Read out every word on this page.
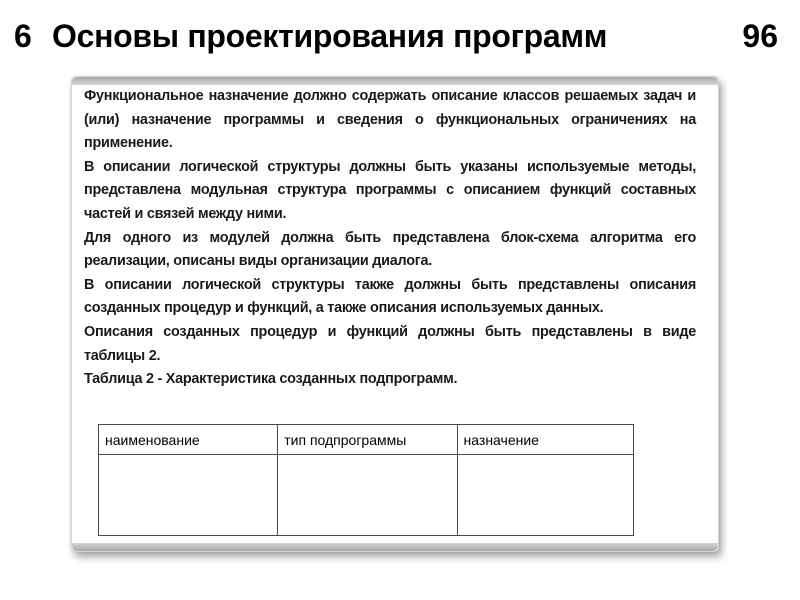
6 Основы проектирования программ	96

Функциональное назначение должно содержать описание классов решаемых задач и (или) назначение программы и сведения о функциональных ограничениях на применение.

В описании логической структуры должны быть указаны используемые методы, представлена модульная структура программы с описанием функций составных частей и связей между ними.

Для одного из модулей должна быть представлена блок-схема алгоритма его реализации, описаны виды организации диалога.

В описании логической структуры также должны быть представлены описания созданных процедур и функций, а также описания используемых данных.

Описания созданных процедур и функций должны быть представлены в виде таблицы 2.

Таблица 2 - Характеристика созданных подпрограмм.

наименование	тип подпрограммы	назначение
